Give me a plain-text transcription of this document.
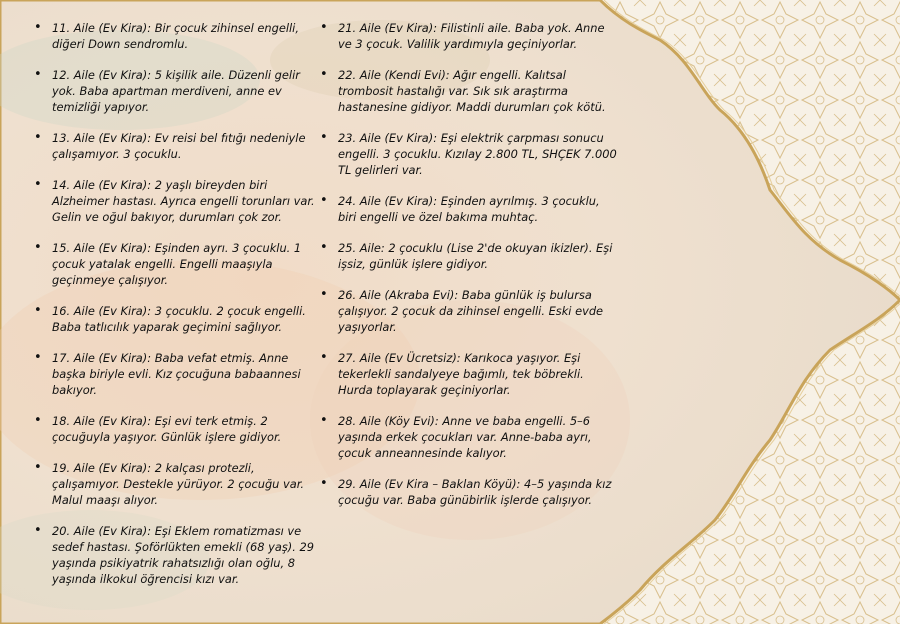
• 11. Aile (Ev Kira): Bir çocuk zihinsel engelli, diğeri Down sendromlu.
• 12. Aile (Ev Kira): 5 kişilik aile. Düzenli gelir yok. Baba apartman merdiveni, anne ev temizliği yapıyor.
• 13. Aile (Ev Kira): Ev reisi bel fıtığı nedeniyle çalışamıyor. 3 çocuklu.
• 14. Aile (Ev Kira): 2 yaşlı bireyden biri Alzheimer hastası. Ayrıca engelli torunları var. Gelin ve oğul bakıyor, durumları çok zor.
• 15. Aile (Ev Kira): Eşinden ayrı. 3 çocuklu. 1 çocuk yatalak engelli. Engelli maaşıyla geçinmeye çalışıyor.
• 16. Aile (Ev Kira): 3 çocuklu. 2 çocuk engelli. Baba tatlıcılık yaparak geçimini sağlıyor.
• 17. Aile (Ev Kira): Baba vefat etmiş. Anne başka biriyle evli. Kız çocuğuna babaannesi bakıyor.
• 18. Aile (Ev Kira): Eşi evi terk etmiş. 2 çocuğuyla yaşıyor. Günlük işlere gidiyor.
• 19. Aile (Ev Kira): 2 kalçası protezli, çalışamıyor. Destekle yürüyor. 2 çocuğu var. Malul maaşı alıyor.
• 20. Aile (Ev Kira): Eşi Eklem romatizması ve sedef hastası. Şoförlükten emekli (68 yaş). 29 yaşında psikiyatrik rahatsızlığı olan oğlu, 8 yaşında ilkokul öğrencisi kızı var.
• 21. Aile (Ev Kira): Filistinli aile. Baba yok. Anne ve 3 çocuk. Valilik yardımıyla geçiniyorlar.
• 22. Aile (Kendi Evi): Ağır engelli. Kalıtsal trombosit hastalığı var. Sık sık araştırma hastanesine gidiyor. Maddi durumları çok kötü.
• 23. Aile (Ev Kira): Eşi elektrik çarpması sonucu engelli. 3 çocuklu. Kızılay 2.800 TL, SHÇEK 7.000 TL gelirleri var.
• 24. Aile (Ev Kira): Eşinden ayrılmış. 3 çocuklu, biri engelli ve özel bakıma muhtaç.
• 25. Aile: 2 çocuklu (Lise 2'de okuyan ikizler). Eşi işsiz, günlük işlere gidiyor.
• 26. Aile (Akraba Evi): Baba günlük iş bulursa çalışıyor. 2 çocuk da zihinsel engelli. Eski evde yaşıyorlar.
• 27. Aile (Ev Ücretsiz): Karıkoca yaşıyor. Eşi tekerlekli sandalyeye bağımlı, tek böbrekli. Hurda toplayarak geçiniyorlar.
• 28. Aile (Köy Evi): Anne ve baba engelli. 5–6 yaşında erkek çocukları var. Anne-baba ayrı, çocuk anneannesinde kalıyor.
• 29. Aile (Ev Kira – Baklan Köyü): 4–5 yaşında kız çocuğu var. Baba günübirlik işlerde çalışıyor.
